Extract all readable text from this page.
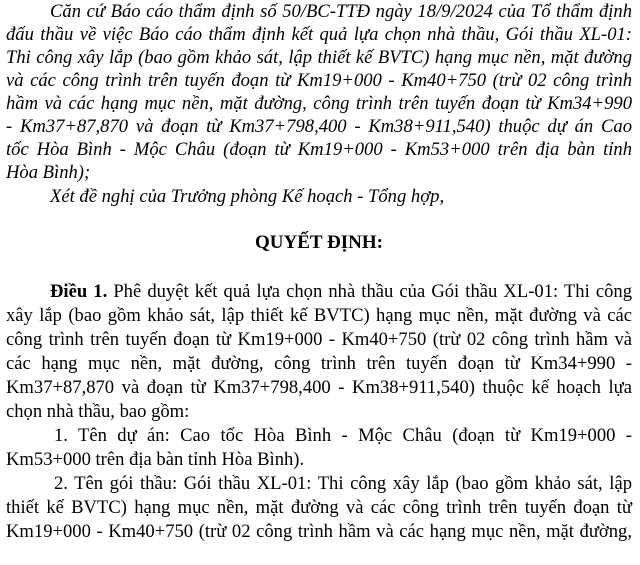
Căn cứ Báo cáo thẩm định số 50/BC-TTĐ ngày 18/9/2024 của Tổ thẩm định
đấu thầu về việc Báo cáo thẩm định kết quả lựa chọn nhà thầu, Gói thầu XL-01:
Thi công xây lắp (bao gồm khảo sát, lập thiết kế BVTC) hạng mục nền, mặt đường
và các công trình trên tuyến đoạn từ Km19+000 - Km40+750 (trừ 02 công trình
hầm và các hạng mục nền, mặt đường, công trình trên tuyến đoạn từ Km34+990
- Km37+87,870 và đoạn từ Km37+798,400 - Km38+911,540) thuộc dự án Cao
tốc Hòa Bình - Mộc Châu (đoạn từ Km19+000 - Km53+000 trên địa bàn tỉnh
Hòa Bình);
Xét đề nghị của Trưởng phòng Kế hoạch - Tổng hợp,
QUYẾT ĐỊNH:
Điều 1. Phê duyệt kết quả lựa chọn nhà thầu của Gói thầu XL-01: Thi công
xây lắp (bao gồm khảo sát, lập thiết kế BVTC) hạng mục nền, mặt đường và các
công trình trên tuyến đoạn từ Km19+000 - Km40+750 (trừ 02 công trình hầm và
các hạng mục nền, mặt đường, công trình trên tuyến đoạn từ Km34+990 -
Km37+87,870 và đoạn từ Km37+798,400 - Km38+911,540) thuộc kế hoạch lựa
chọn nhà thầu, bao gồm:
1. Tên dự án: Cao tốc Hòa Bình - Mộc Châu (đoạn từ Km19+000 -
Km53+000 trên địa bàn tỉnh Hòa Bình).
2. Tên gói thầu: Gói thầu XL-01: Thi công xây lắp (bao gồm khảo sát, lập
thiết kế BVTC) hạng mục nền, mặt đường và các công trình trên tuyến đoạn từ
Km19+000 - Km40+750 (trừ 02 công trình hầm và các hạng mục nền, mặt đường,
